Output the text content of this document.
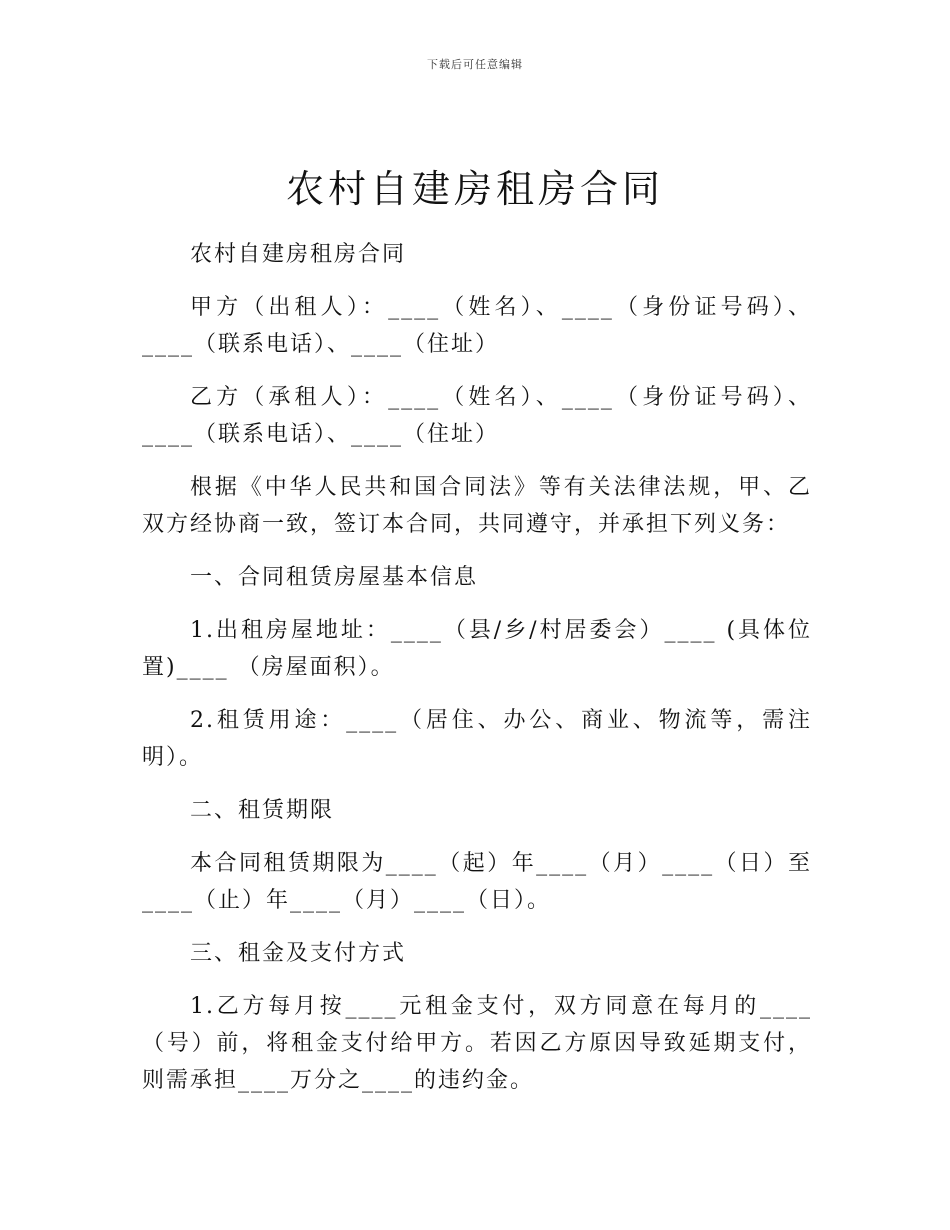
下载后可任意编辑
农村自建房租房合同

农村自建房租房合同

甲方（出租人）：____（姓名）、____（身份证号码）、____（联系电话）、____（住址）

乙方（承租人）：____（姓名）、____（身份证号码）、____（联系电话）、____（住址）

根据《中华人民共和国合同法》等有关法律法规，甲、乙双方经协商一致，签订本合同，共同遵守，并承担下列义务：

一、合同租赁房屋基本信息

1.出租房屋地址：____（县/乡/村居委会）____ (具体位置)____ （房屋面积）。

2.租赁用途：____（居住、办公、商业、物流等，需注明）。

二、租赁期限

本合同租赁期限为____（起）年____（月）____（日）至____（止）年____（月）____（日）。

三、租金及支付方式

1.乙方每月按____元租金支付，双方同意在每月的____（号）前，将租金支付给甲方。若因乙方原因导致延期支付，则需承担____万分之____的违约金。
